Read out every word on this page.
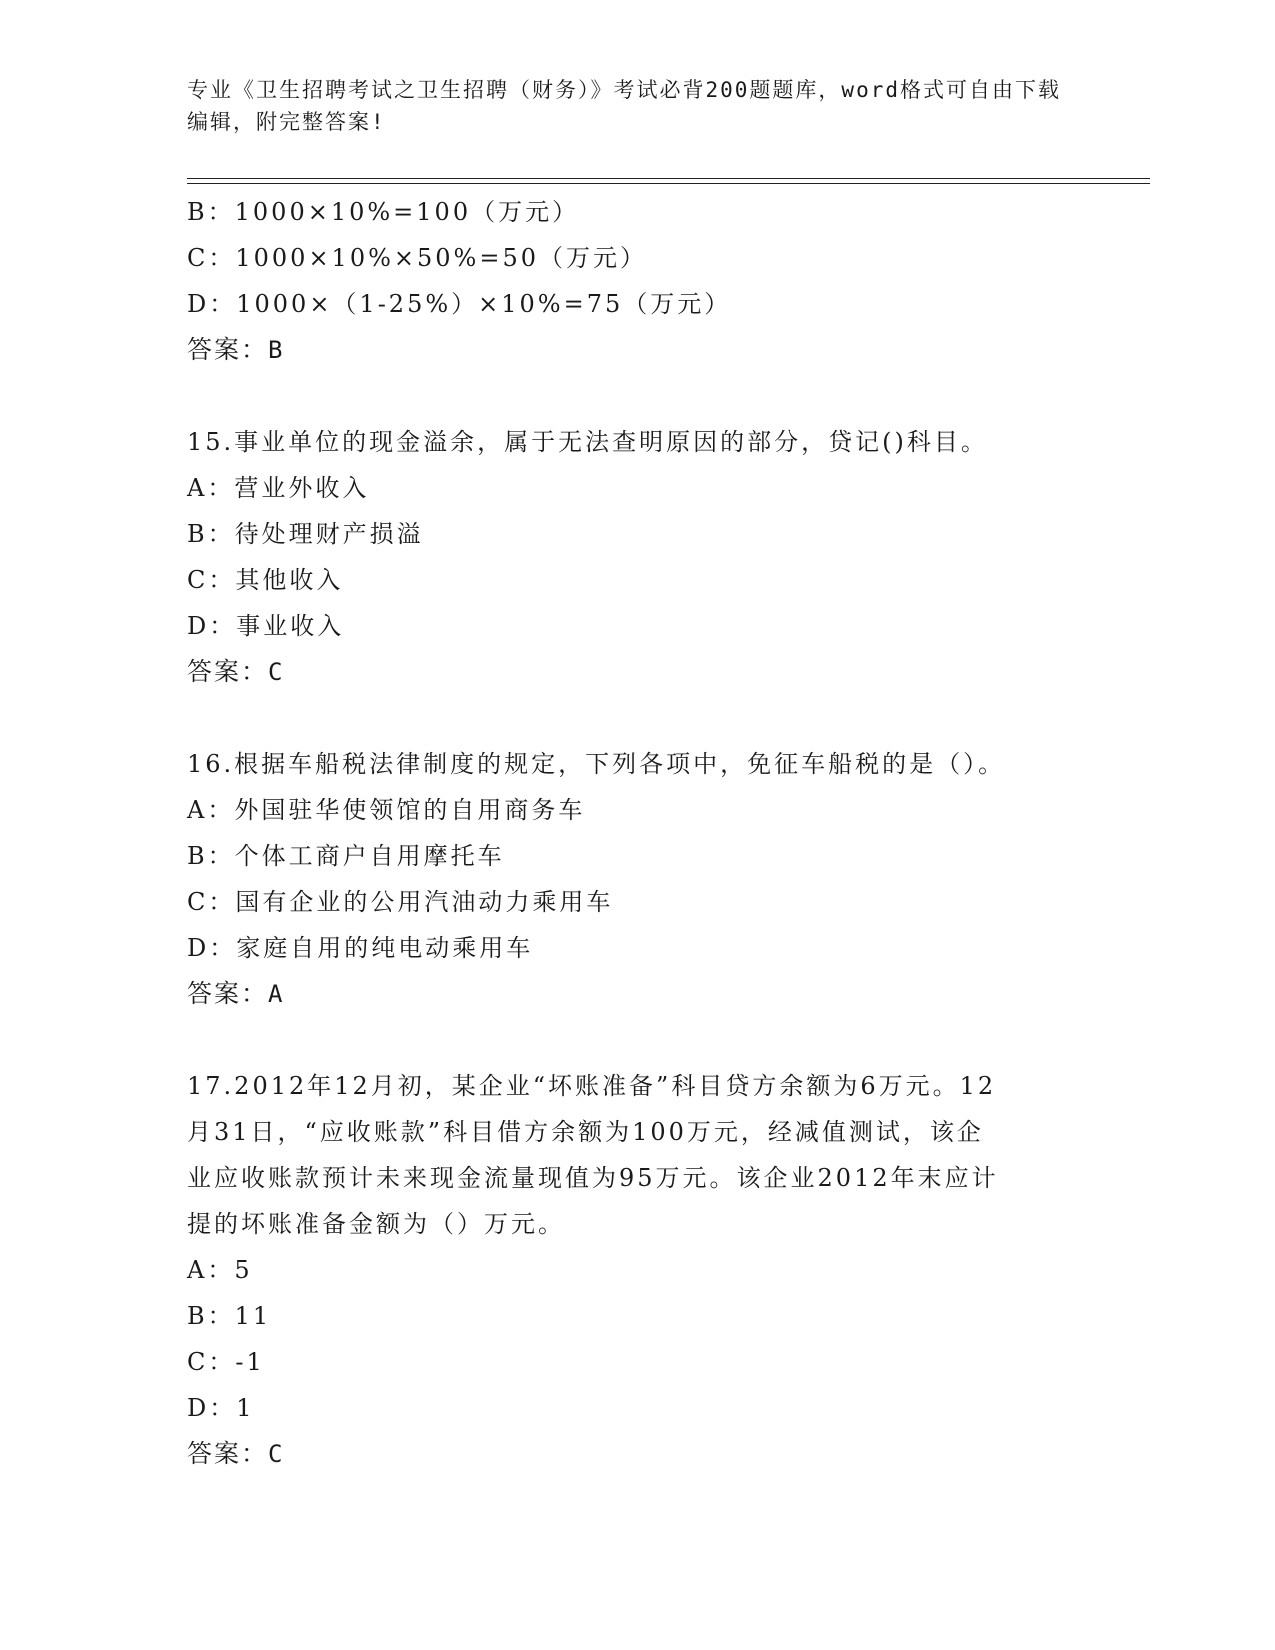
专业《卫生招聘考试之卫生招聘（财务）》考试必背200题题库，word格式可自由下载编辑，附完整答案!
B：1000×10%=100（万元）
C：1000×10%×50%=50（万元）
D：1000×（1-25%）×10%=75（万元）
答案：B
15.事业单位的现金溢余，属于无法查明原因的部分，贷记()科目。
A：营业外收入
B：待处理财产损溢
C：其他收入
D：事业收入
答案：C
16.根据车船税法律制度的规定，下列各项中，免征车船税的是（）。
A：外国驻华使领馆的自用商务车
B：个体工商户自用摩托车
C：国有企业的公用汽油动力乘用车
D：家庭自用的纯电动乘用车
答案：A
17.2012年12月初，某企业“坏账准备”科目贷方余额为6万元。12
月31日，“应收账款”科目借方余额为100万元，经减值测试，该企
业应收账款预计未来现金流量现值为95万元。该企业2012年末应计
提的坏账准备金额为（）万元。
A：5
B：11
C：-1
D：1
答案：C
